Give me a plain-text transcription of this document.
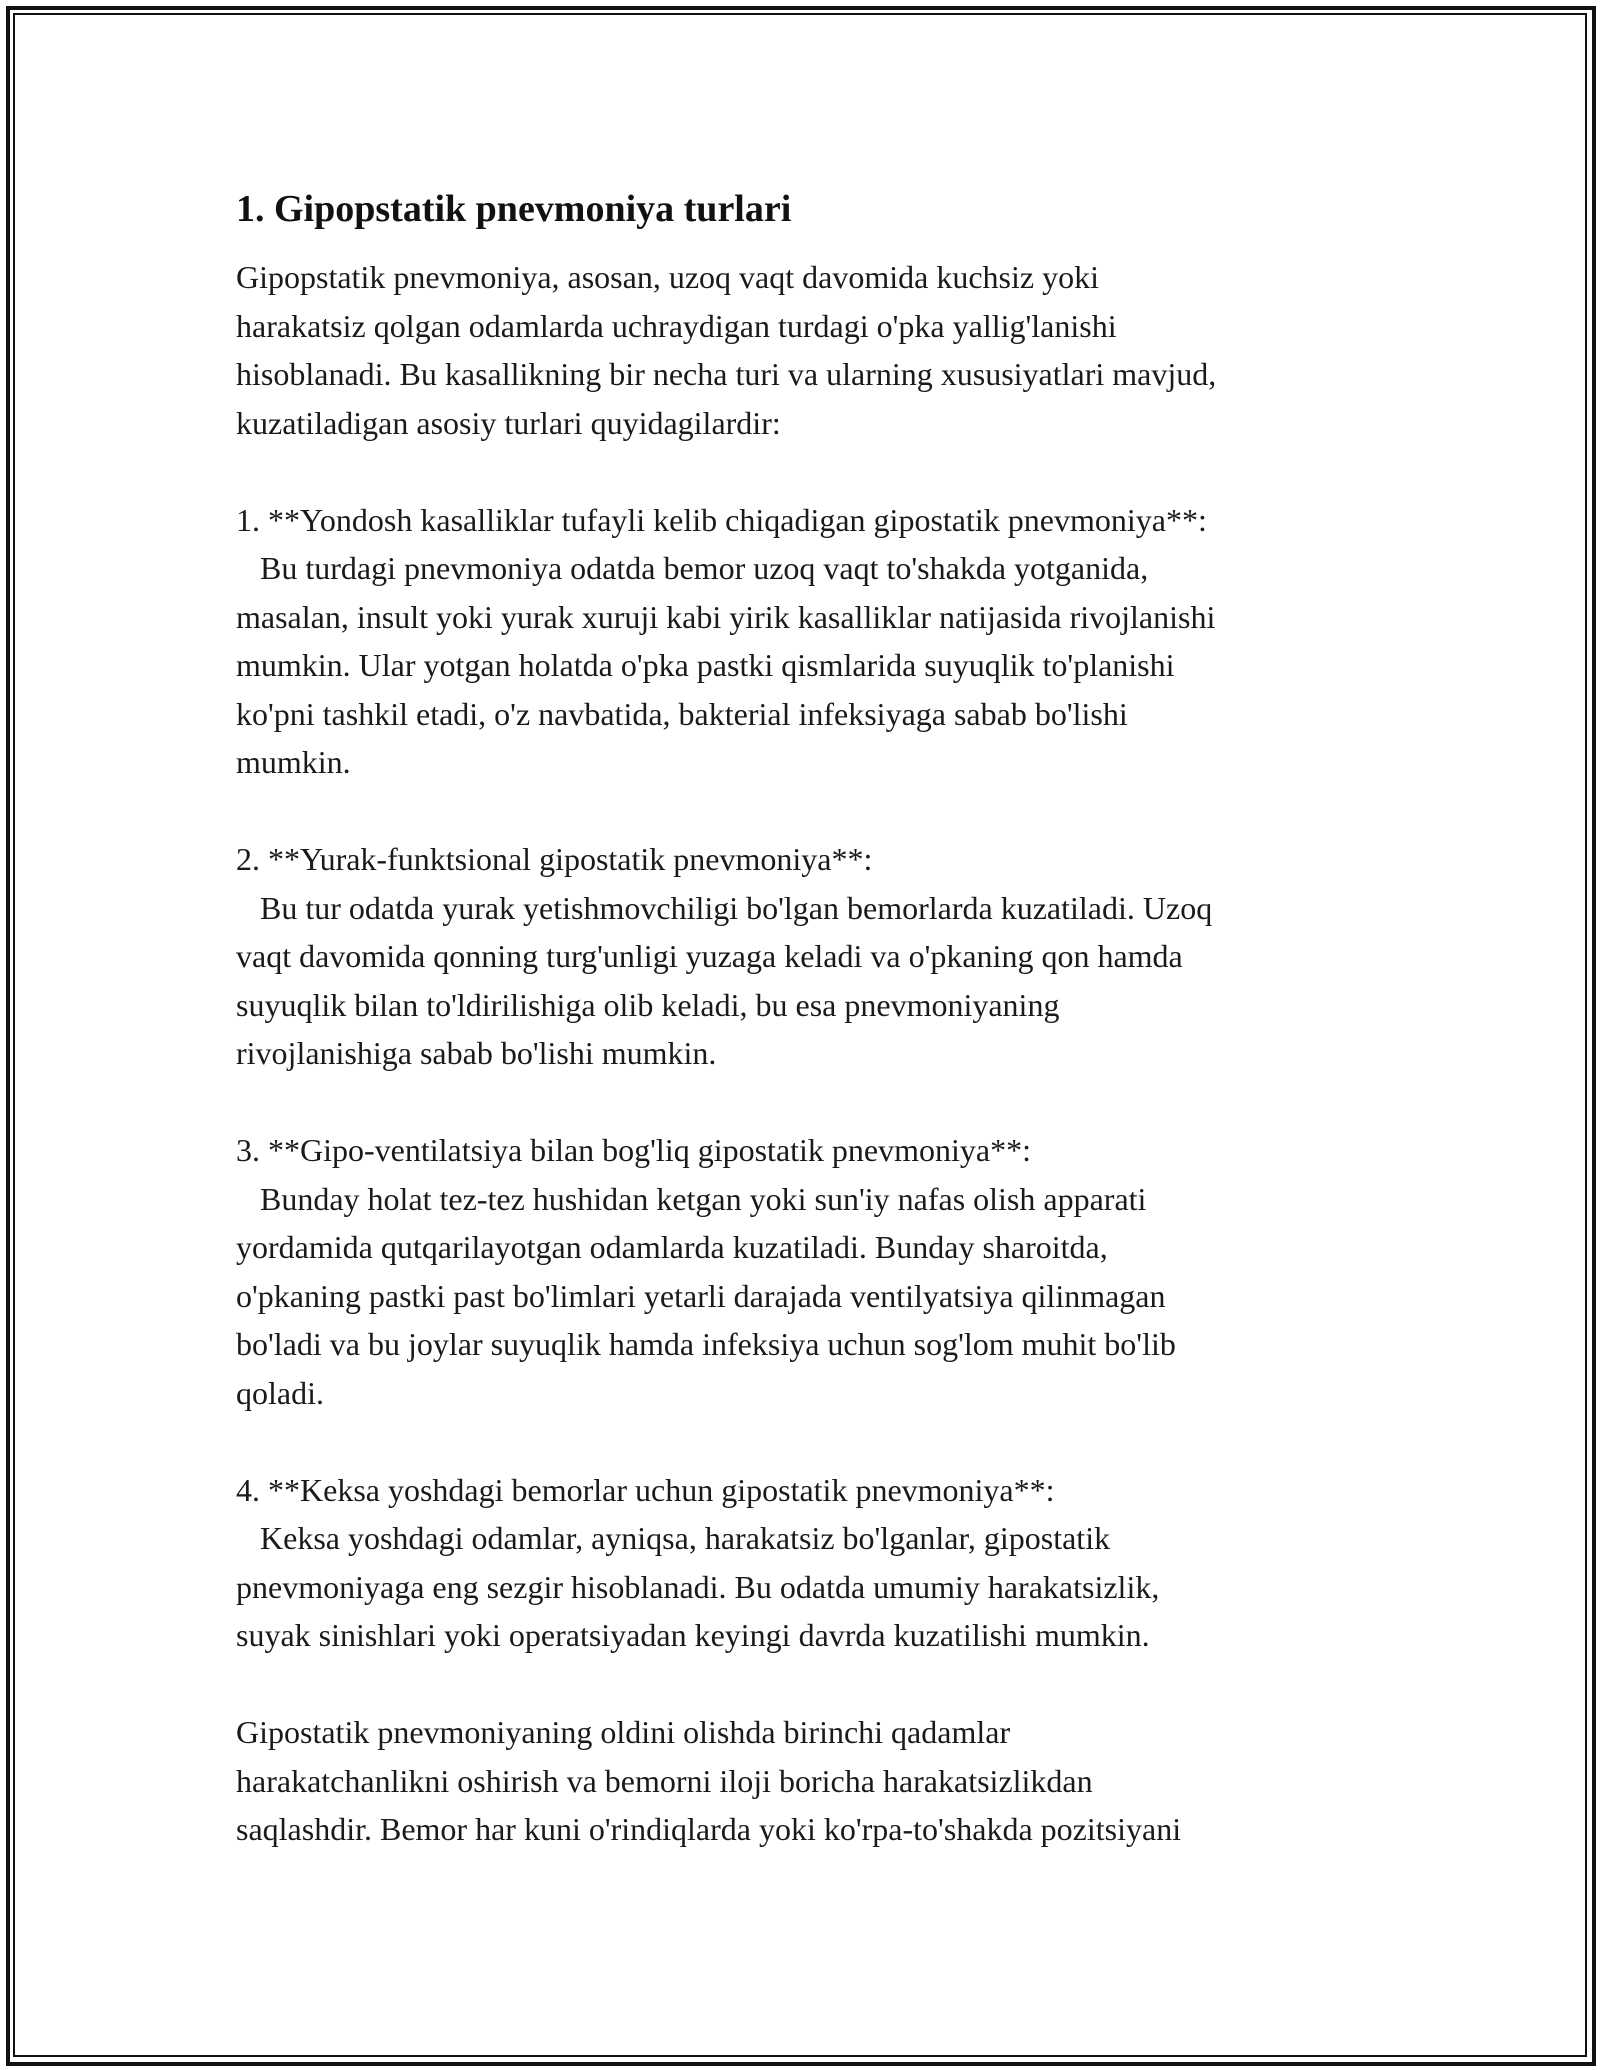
1. Gipopstatik pnevmoniya turlari

Gipopstatik pnevmoniya, asosan, uzoq vaqt davomida kuchsiz yoki
harakatsiz qolgan odamlarda uchraydigan turdagi o'pka yallig'lanishi
hisoblanadi. Bu kasallikning bir necha turi va ularning xususiyatlari mavjud,
kuzatiladigan asosiy turlari quyidagilardir:

1. **Yondosh kasalliklar tufayli kelib chiqadigan gipostatik pnevmoniya**:

Bu turdagi pnevmoniya odatda bemor uzoq vaqt to'shakda yotganida,
masalan, insult yoki yurak xuruji kabi yirik kasalliklar natijasida rivojlanishi
mumkin. Ular yotgan holatda o'pka pastki qismlarida suyuqlik to'planishi
ko'pni tashkil etadi, o'z navbatida, bakterial infeksiyaga sabab bo'lishi
mumkin.

2. **Yurak-funktsional gipostatik pnevmoniya**:

Bu tur odatda yurak yetishmovchiligi bo'lgan bemorlarda kuzatiladi. Uzoq
vaqt davomida qonning turg'unligi yuzaga keladi va o'pkaning qon hamda
suyuqlik bilan to'ldirilishiga olib keladi, bu esa pnevmoniyaning
rivojlanishiga sabab bo'lishi mumkin.

3. **Gipo-ventilatsiya bilan bog'liq gipostatik pnevmoniya**:

Bunday holat tez-tez hushidan ketgan yoki sun'iy nafas olish apparati
yordamida qutqarilayotgan odamlarda kuzatiladi. Bunday sharoitda,
o'pkaning pastki past bo'limlari yetarli darajada ventilyatsiya qilinmagan
bo'ladi va bu joylar suyuqlik hamda infeksiya uchun sog'lom muhit bo'lib
qoladi.

4. **Keksa yoshdagi bemorlar uchun gipostatik pnevmoniya**:

Keksa yoshdagi odamlar, ayniqsa, harakatsiz bo'lganlar, gipostatik
pnevmoniyaga eng sezgir hisoblanadi. Bu odatda umumiy harakatsizlik,
suyak sinishlari yoki operatsiyadan keyingi davrda kuzatilishi mumkin.

Gipostatik pnevmoniyaning oldini olishda birinchi qadamlar
harakatchanlikni oshirish va bemorni iloji boricha harakatsizlikdan
saqlashdir. Bemor har kuni o'rindiqlarda yoki ko'rpa-to'shakda pozitsiyani
